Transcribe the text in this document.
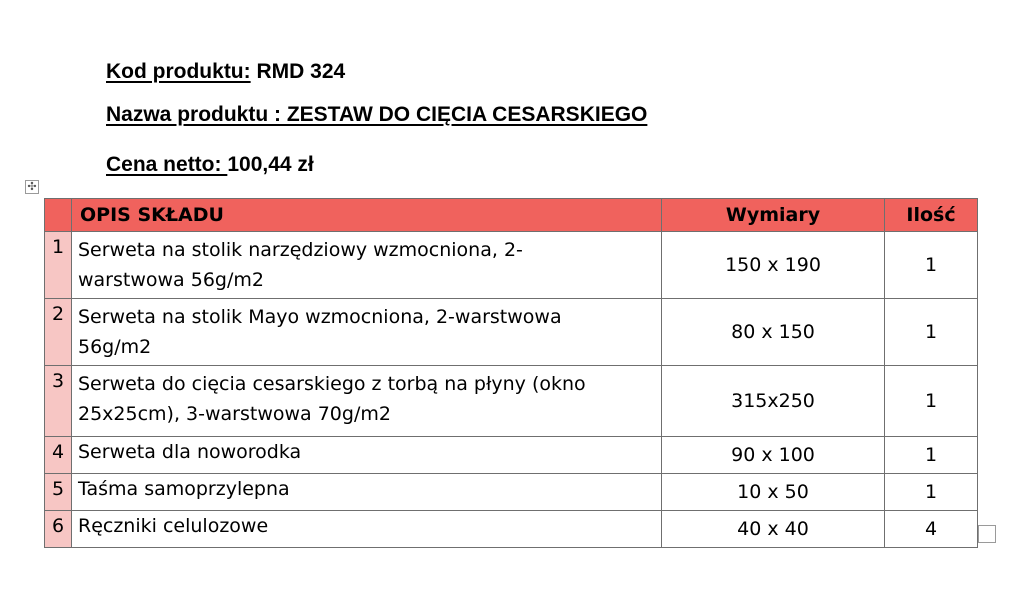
Kod produktu: RMD 324
Nazwa produktu : ZESTAW DO CIĘCIA CESARSKIEGO
Cena netto: 100,44 zł
✣
	OPIS SKŁADU	Wymiary	Ilość
1	Serweta na stolik narzędziowy wzmocniona, 2-
warstwowa 56g/m2	150 x 190	1
2	Serweta na stolik Mayo wzmocniona, 2-warstwowa
56g/m2	80 x 150	1
3	Serweta do cięcia cesarskiego z torbą na płyny (okno
25x25cm), 3-warstwowa 70g/m2	315x250	1
4	Serweta dla noworodka	90 x 100	1
5	Taśma samoprzylepna	10 x 50	1
6	Ręczniki celulozowe	40 x 40	4
